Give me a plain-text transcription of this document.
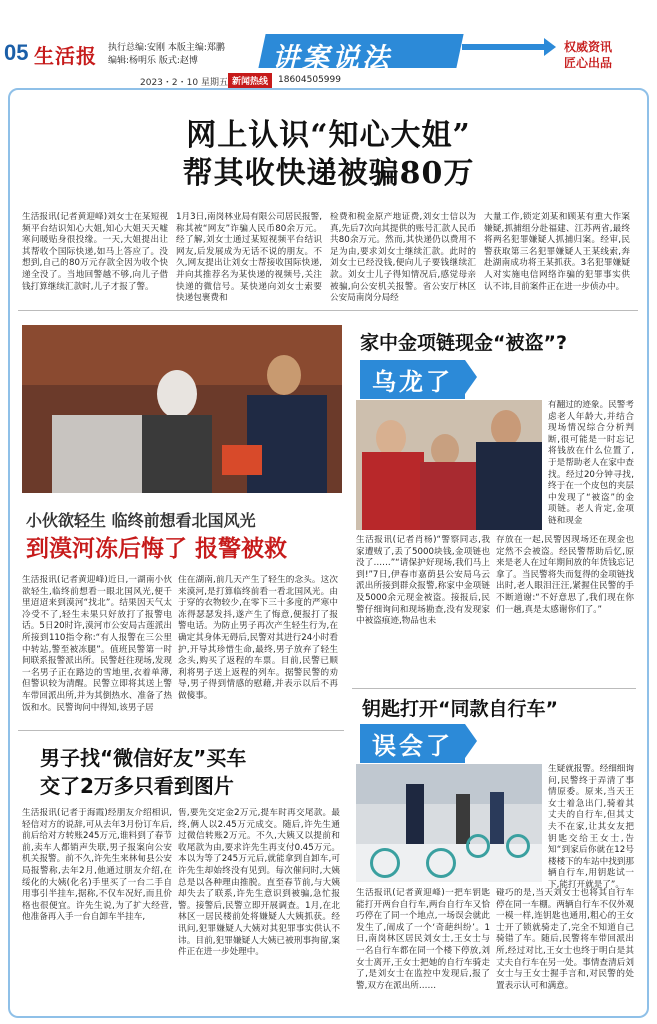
05 生活报 执行总编:安刚 本版主编:郑鹏
编辑:杨明乐 版式:赵博	讲案说法	权威资讯
匠心出品
2023・2・10 星期五 新闻热线	18604505999
网上认识“知心大姐”
帮其收快递被骗80万
生活报讯(记者黄迎峰)刘女士在某短视频平台结识知心大姐,知心大姐天天嘘寒问暖贴身很投缘。一天,大姐提出让其帮收个国际快递,如马上答应了。没想到,自己的80万元存款全因为收个快递全没了。当地回警越不够,向儿子借钱打算继续汇款时,儿子才报了警。
1月3日,南岗林业局有限公司居民报警,称其被“网友”诈骗人民币80余万元。经了解,刘女士通过某短视频平台结识网友,后发展成为无话不说的朋友。不久,网友提出让刘女士帮接收国际快递,并向其推荐名为某快递的视频号,关注快递的微信号。某快递向刘女士索要快递包裹费和
检费和税金原产地证费,刘女士信以为真,先后7次向其提供的账号汇款人民币共80余万元。然而,其快递仍以费用不足为由,要求刘女士继续汇款。此时的刘女士已经没钱,便向儿子要钱继续汇款。刘女士儿子得知情况后,感觉母亲被骗,向公安机关报警。省公安厅林区公安局南岗分局经
大量工作,锁定刘某和顾某有重大作案嫌疑,抓捕组分赴福建、江苏两省,最终将两名犯罪嫌疑人抓捕归案。经审,民警获取第三名犯罪嫌疑人王某线索,奔赴湖南成功将王某抓获。3名犯罪嫌疑人对实施电信网络诈骗的犯罪事实供认不讳,目前案件正在进一步侦办中。
小伙欲轻生 临终前想看北国风光
到漠河冻后悔了 报警被救
生活报讯(记者黄迎峰)近日,一湖南小伙欲轻生,临终前想看一眼北国风光,便千里迢迢来到漠河“找北”。结果因天气太冷受不了,轻生未果只好放打了报警电话。5日20时许,漠河市公安局古莲派出所接到110指令称:“有人报警在三公里中转站,警至被冻腿”。值班民警第一时间联系报警派出所。民警赶往现场,发现一名男子正在路边的雪地里,衣着单薄,但警识较为清醒。民警立即将其送上警车带回派出所,并为其倒热水、准备了热饭和水。民警询问中得知,该男子居
住在湖南,前几天产生了轻生的念头。这次来漠河,是打算临终前看一看北国风光。由于穿的衣物较少,在零下三十多度的严寒中冻得瑟瑟发抖,遂产生了悔意,便报打了报警电话。为防止男子再次产生轻生行为,在确定其身体无碍后,民警对其进行24小时看护,开导其珍惜生命,最终,男子放弃了轻生念头,购买了返程的车票。目前,民警已顺利将男子送上返程的列车。据警民警的劝导,男子得到情感的慰藉,并表示以后不再做傻事。
家中金项链现金“被盗”?
乌龙了
有翻过的迹象。民警考虑老人年龄大,并结合现场情况综合分析判断,很可能是一时忘记将钱放在什么位置了,于是帮助老人在家中查找。经过20分钟寻找,终于在一个皮包的夹层中发现了“被盗”的金项链。老人肯定,金项链和现金
生活报讯(记者肖杨)“警察同志,我家遭贼了,丢了5000块钱,金项链也没了……”“请保护好现场,我们马上到!”7日,伊春市嘉荫县公安局乌云派出所接到群众报警,称家中金项链及5000余元现金被盗。接报后,民警仔细询问和现场勘查,没有发现家中被盗痕迹,物品也未
存放在一起,民警因现场还在现金也定然不会被盗。经民警帮助后忆,原来是老人在过年期间放的年货钱忘记拿了。当民警将失而复得的金项链找出时,老人眼泪汪汪,紧握住民警的手不断道谢:“不好意思了,我们现在你们一趟,真是太感谢你们了。”
钥匙打开“同款自行车”
误会了
生疑就报警。经细细询问,民警终于弄清了事情原委。原来,当天王女士着急出门,骑着其丈夫的自行车,但其丈夫不在家,让其女友把钥匙交给王女士,告知“到家后你就在12号楼楼下的车站中找到那辆自行车,用钥匙试一下,能打开就是了”。
生活报讯(记者黄迎峰)一把车钥匙能打开两台自行车,两台自行车又恰巧停在了同一个地点,一场误会就此发生了,闹成了一个‘奇葩纠纷’。1日,南岗林区居民刘女士,王女士与一名自行车都在同一个楼下停放,刘女士离开,王女士把她的自行车骑走了,是刘女士在监控中发现后,报了警,双方在派出所……
碰巧的是,当天刘女士也将其自行车停在同一车棚。两辆自行车不仅外观一模一样,连钥匙也通用,粗心的王女士开了锁就骑走了,完全不知道自己骑错了车。随后,民警将车带回派出所,经过对比,王女士也终于明白是其丈夫自行车在另一处。事情查清后刘女士与王女士握手言和,对民警的处置表示认可和满意。
男子找“微信好友”买车
交了2万多只看到图片
生活报讯(记者于海霞)经朋友介绍相识,轻信对方的说辞,可从去年3月份订车后,前后给对方转账245万元,谁料到了春节前,卖车人都销声失联,男子报案向公安机关报警。前不久,许先生来林甸县公安局报警称,去年2月,他通过朋友介绍,在绥化的大姨(化名)手里买了一台二手自用事引半挂车,据称,不仅车况好,而且价格也很便宜。许先生说,为了扩大经营,他准备再入手一台自卸车半挂车,
售,要先交定金2万元,提车时再交尾款。最终,俩人以2.45万元成交。随后,许先生通过微信转账2万元。不久,大姨又以提前和收尾款为由,要求许先生再支付0.45万元。本以为等了245万元后,就能拿到自卸车,可许先生却始终没有见到。每次催问时,大姨总是以各种理由推脱。直至春节前,与大姨却失去了联系,许先生意识到被骗,急忙报警。接警后,民警立即开展调查。1月,在北林区一居民楼前处将嫌疑人大姨抓获。经讯问,犯罪嫌疑人大姨对其犯罪事实供认不讳。目前,犯罪嫌疑人大姨已被刑事拘留,案件正在进一步处理中。
